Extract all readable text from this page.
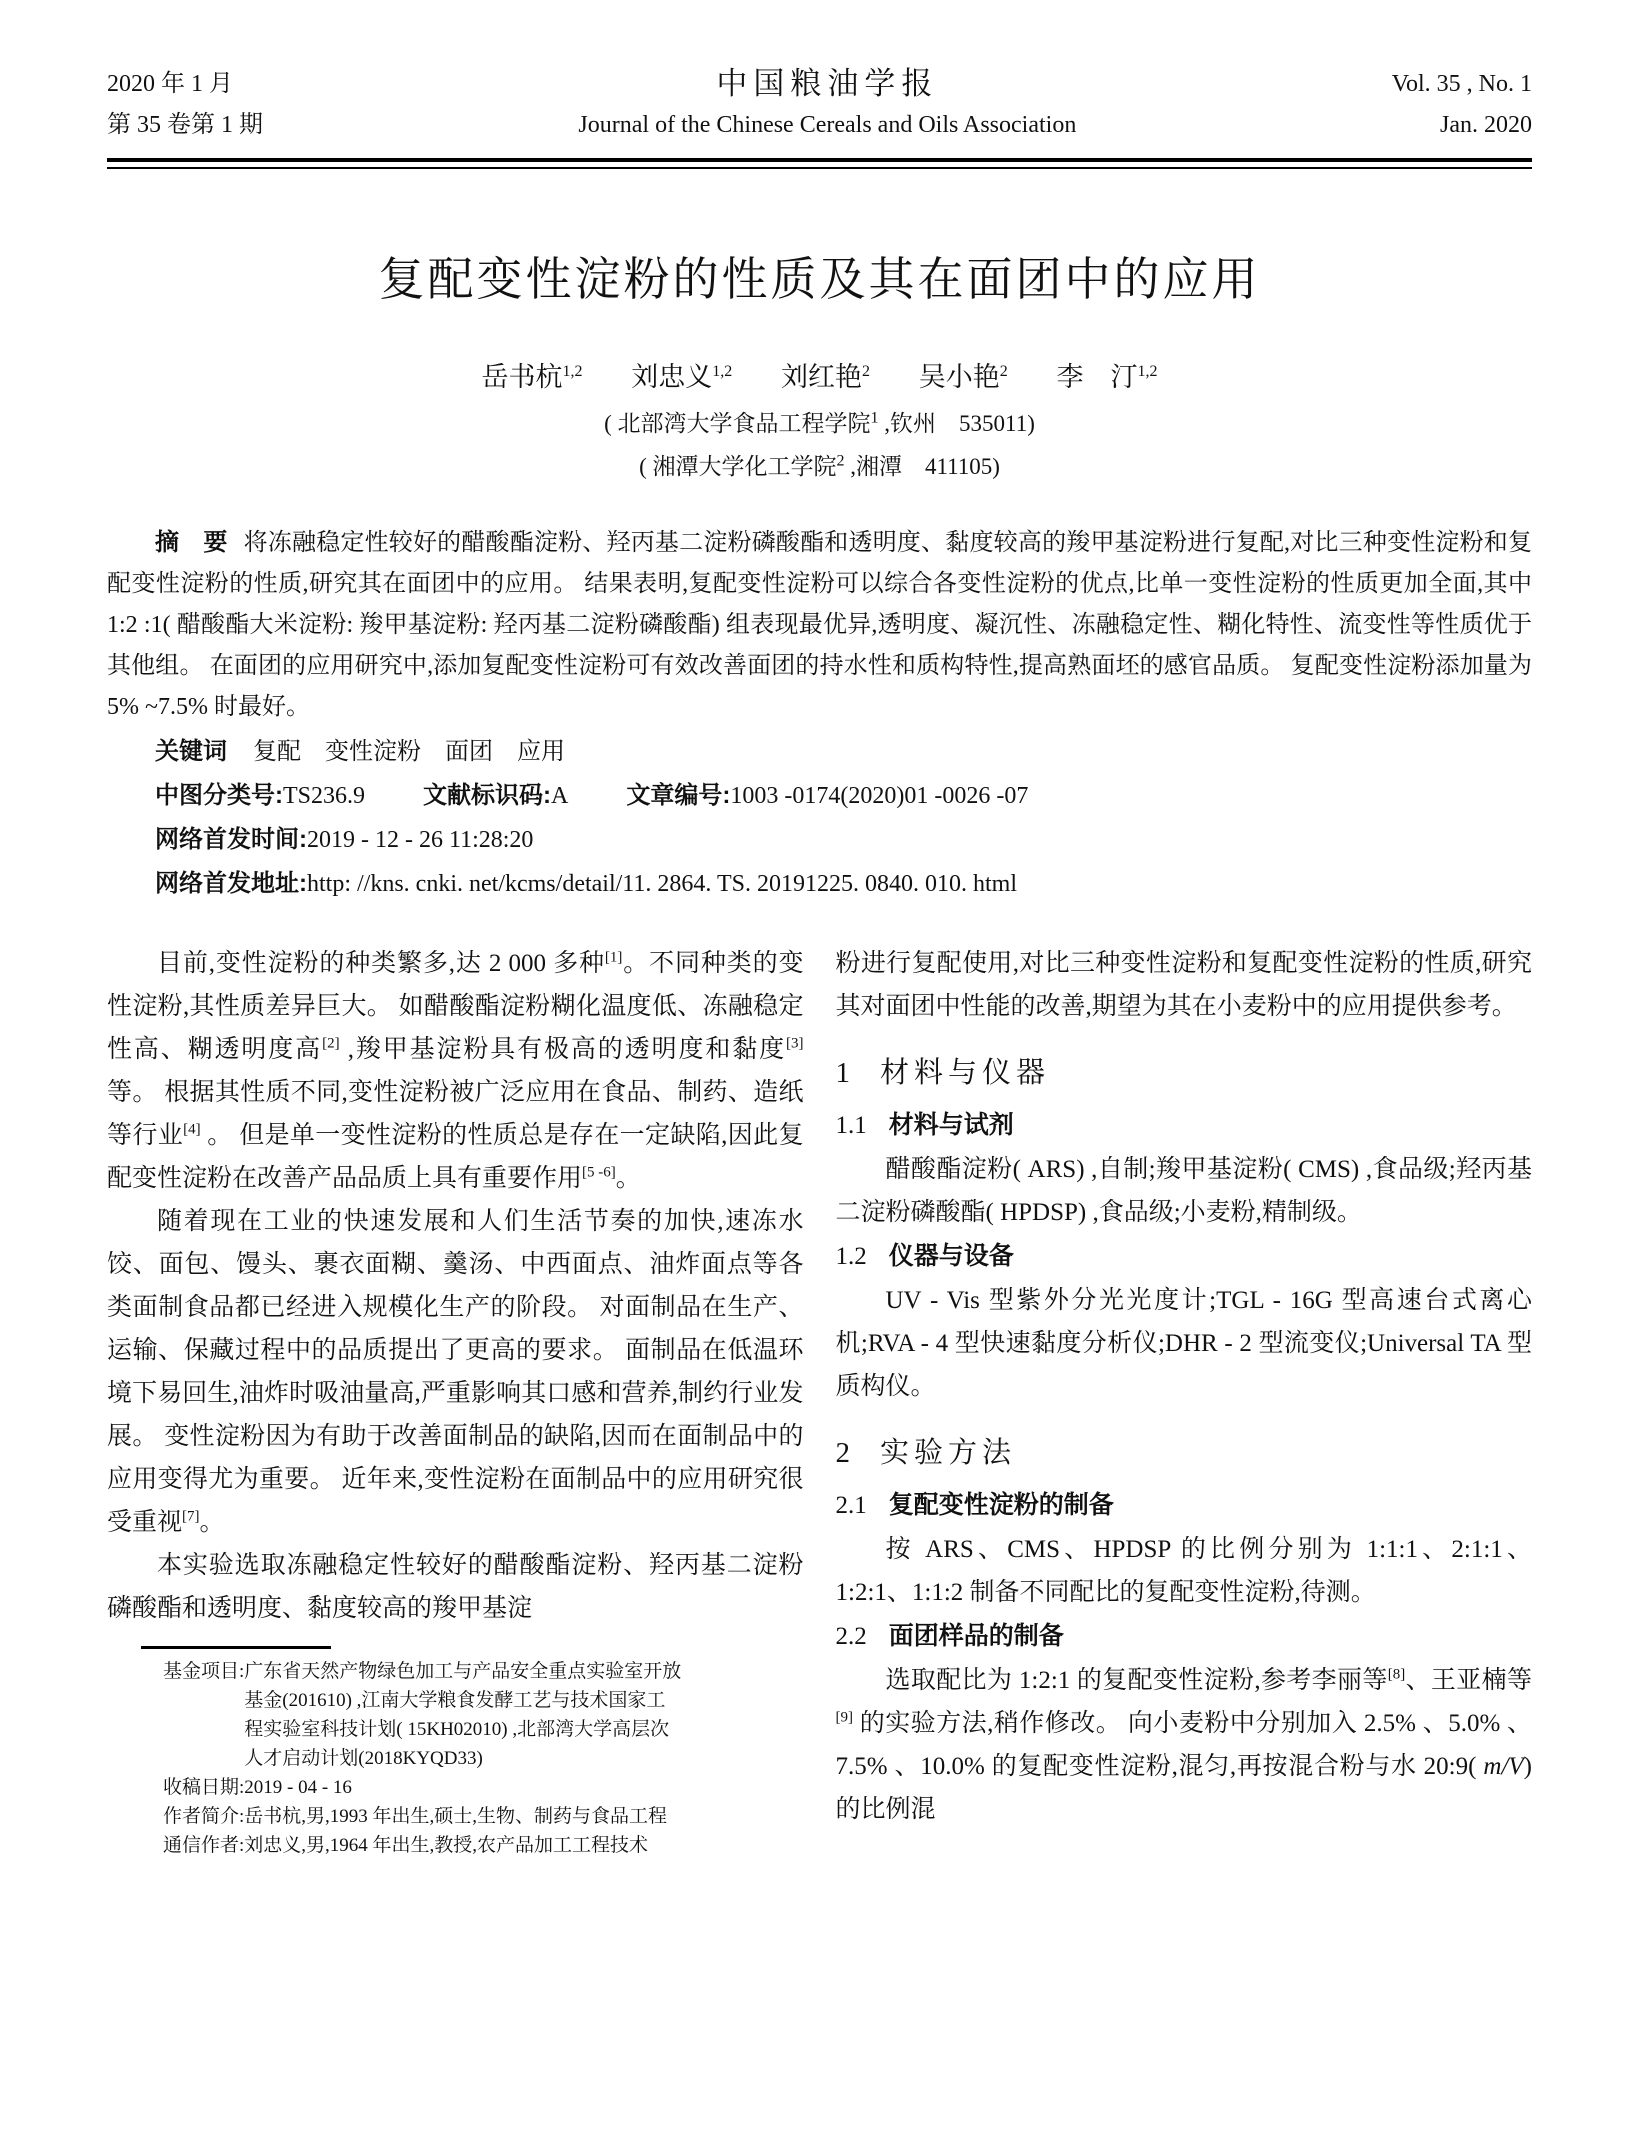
2020 年 1 月
第 35 卷第 1 期
中国粮油学报
Journal of the Chinese Cereals and Oils Association
Vol. 35 , No. 1
Jan. 2020
复配变性淀粉的性质及其在面团中的应用
岳书杭$^{1,2}$ 刘忠义$^{1,2}$ 刘红艳$^2$ 吴小艳$^2$ 李　汀$^{1,2}$
( 北部湾大学食品工程学院$^1$ ,钦州　535011)
( 湘潭大学化工学院$^2$ ,湘潭　411105)
摘　要 将冻融稳定性较好的醋酸酯淀粉、羟丙基二淀粉磷酸酯和透明度、黏度较高的羧甲基淀粉进行复配,对比三种变性淀粉和复配变性淀粉的性质,研究其在面团中的应用。 结果表明,复配变性淀粉可以综合各变性淀粉的优点,比单一变性淀粉的性质更加全面,其中 1:2 :1( 醋酸酯大米淀粉: 羧甲基淀粉: 羟丙基二淀粉磷酸酯) 组表现最优异,透明度、凝沉性、冻融稳定性、糊化特性、流变性等性质优于其他组。 在面团的应用研究中,添加复配变性淀粉可有效改善面团的持水性和质构特性,提高熟面坯的感官品质。 复配变性淀粉添加量为 5% ~7.5% 时最好。
关键词 复配　变性淀粉　面团　应用
中图分类号:TS236.9 文献标识码:A 文章编号:1003 -0174(2020)01 -0026 -07
网络首发时间:2019 - 12 - 26 11:28:20
网络首发地址:http: //kns. cnki. net/kcms/detail/11. 2864. TS. 20191225. 0840. 010. html

目前,变性淀粉的种类繁多,达 2 000 多种[1]。不同种类的变性淀粉,其性质差异巨大。 如醋酸酯淀粉糊化温度低、冻融稳定性高、糊透明度高[2] ,羧甲基淀粉具有极高的透明度和黏度[3] 等。 根据其性质不同,变性淀粉被广泛应用在食品、制药、造纸等行业[4] 。 但是单一变性淀粉的性质总是存在一定缺陷,因此复配变性淀粉在改善产品品质上具有重要作用[5 -6]。

随着现在工业的快速发展和人们生活节奏的加快,速冻水饺、面包、馒头、裹衣面糊、羹汤、中西面点、油炸面点等各类面制食品都已经进入规模化生产的阶段。 对面制品在生产、运输、保藏过程中的品质提出了更高的要求。 面制品在低温环境下易回生,油炸时吸油量高,严重影响其口感和营养,制约行业发展。 变性淀粉因为有助于改善面制品的缺陷,因而在面制品中的应用变得尤为重要。 近年来,变性淀粉在面制品中的应用研究很受重视[7]。

本实验选取冻融稳定性较好的醋酸酯淀粉、羟丙基二淀粉磷酸酯和透明度、黏度较高的羧甲基淀

基金项目: 广东省天然产物绿色加工与产品安全重点实验室开放基金(201610) ,江南大学粮食发酵工艺与技术国家工程实验室科技计划( 15KH02010) ,北部湾大学高层次人才启动计划(2018KYQD33)
收稿日期: 2019 - 04 - 16
作者简介: 岳书杭,男,1993 年出生,硕士,生物、制药与食品工程
通信作者: 刘忠义,男,1964 年出生,教授,农产品加工工程技术

粉进行复配使用,对比三种变性淀粉和复配变性淀粉的性质,研究其对面团中性能的改善,期望为其在小麦粉中的应用提供参考。

1 材料与仪器
1.1 材料与试剂

醋酸酯淀粉( ARS) ,自制;羧甲基淀粉( CMS) ,食品级;羟丙基二淀粉磷酸酯( HPDSP) ,食品级;小麦粉,精制级。

1.2 仪器与设备

UV - Vis 型紫外分光光度计;TGL - 16G 型高速台式离心机;RVA - 4 型快速黏度分析仪;DHR - 2 型流变仪;Universal TA 型质构仪。

2 实验方法
2.1 复配变性淀粉的制备

按 ARS、CMS、HPDSP 的比例分别为 1:1:1、2:1:1、1:2:1、1:1:2 制备不同配比的复配变性淀粉,待测。

2.2 面团样品的制备

选取配比为 1:2:1 的复配变性淀粉,参考李丽等[8]、王亚楠等[9] 的实验方法,稍作修改。 向小麦粉中分别加入 2.5% 、5.0% 、7.5% 、10.0% 的复配变性淀粉,混匀,再按混合粉与水 20:9( m/V) 的比例混
